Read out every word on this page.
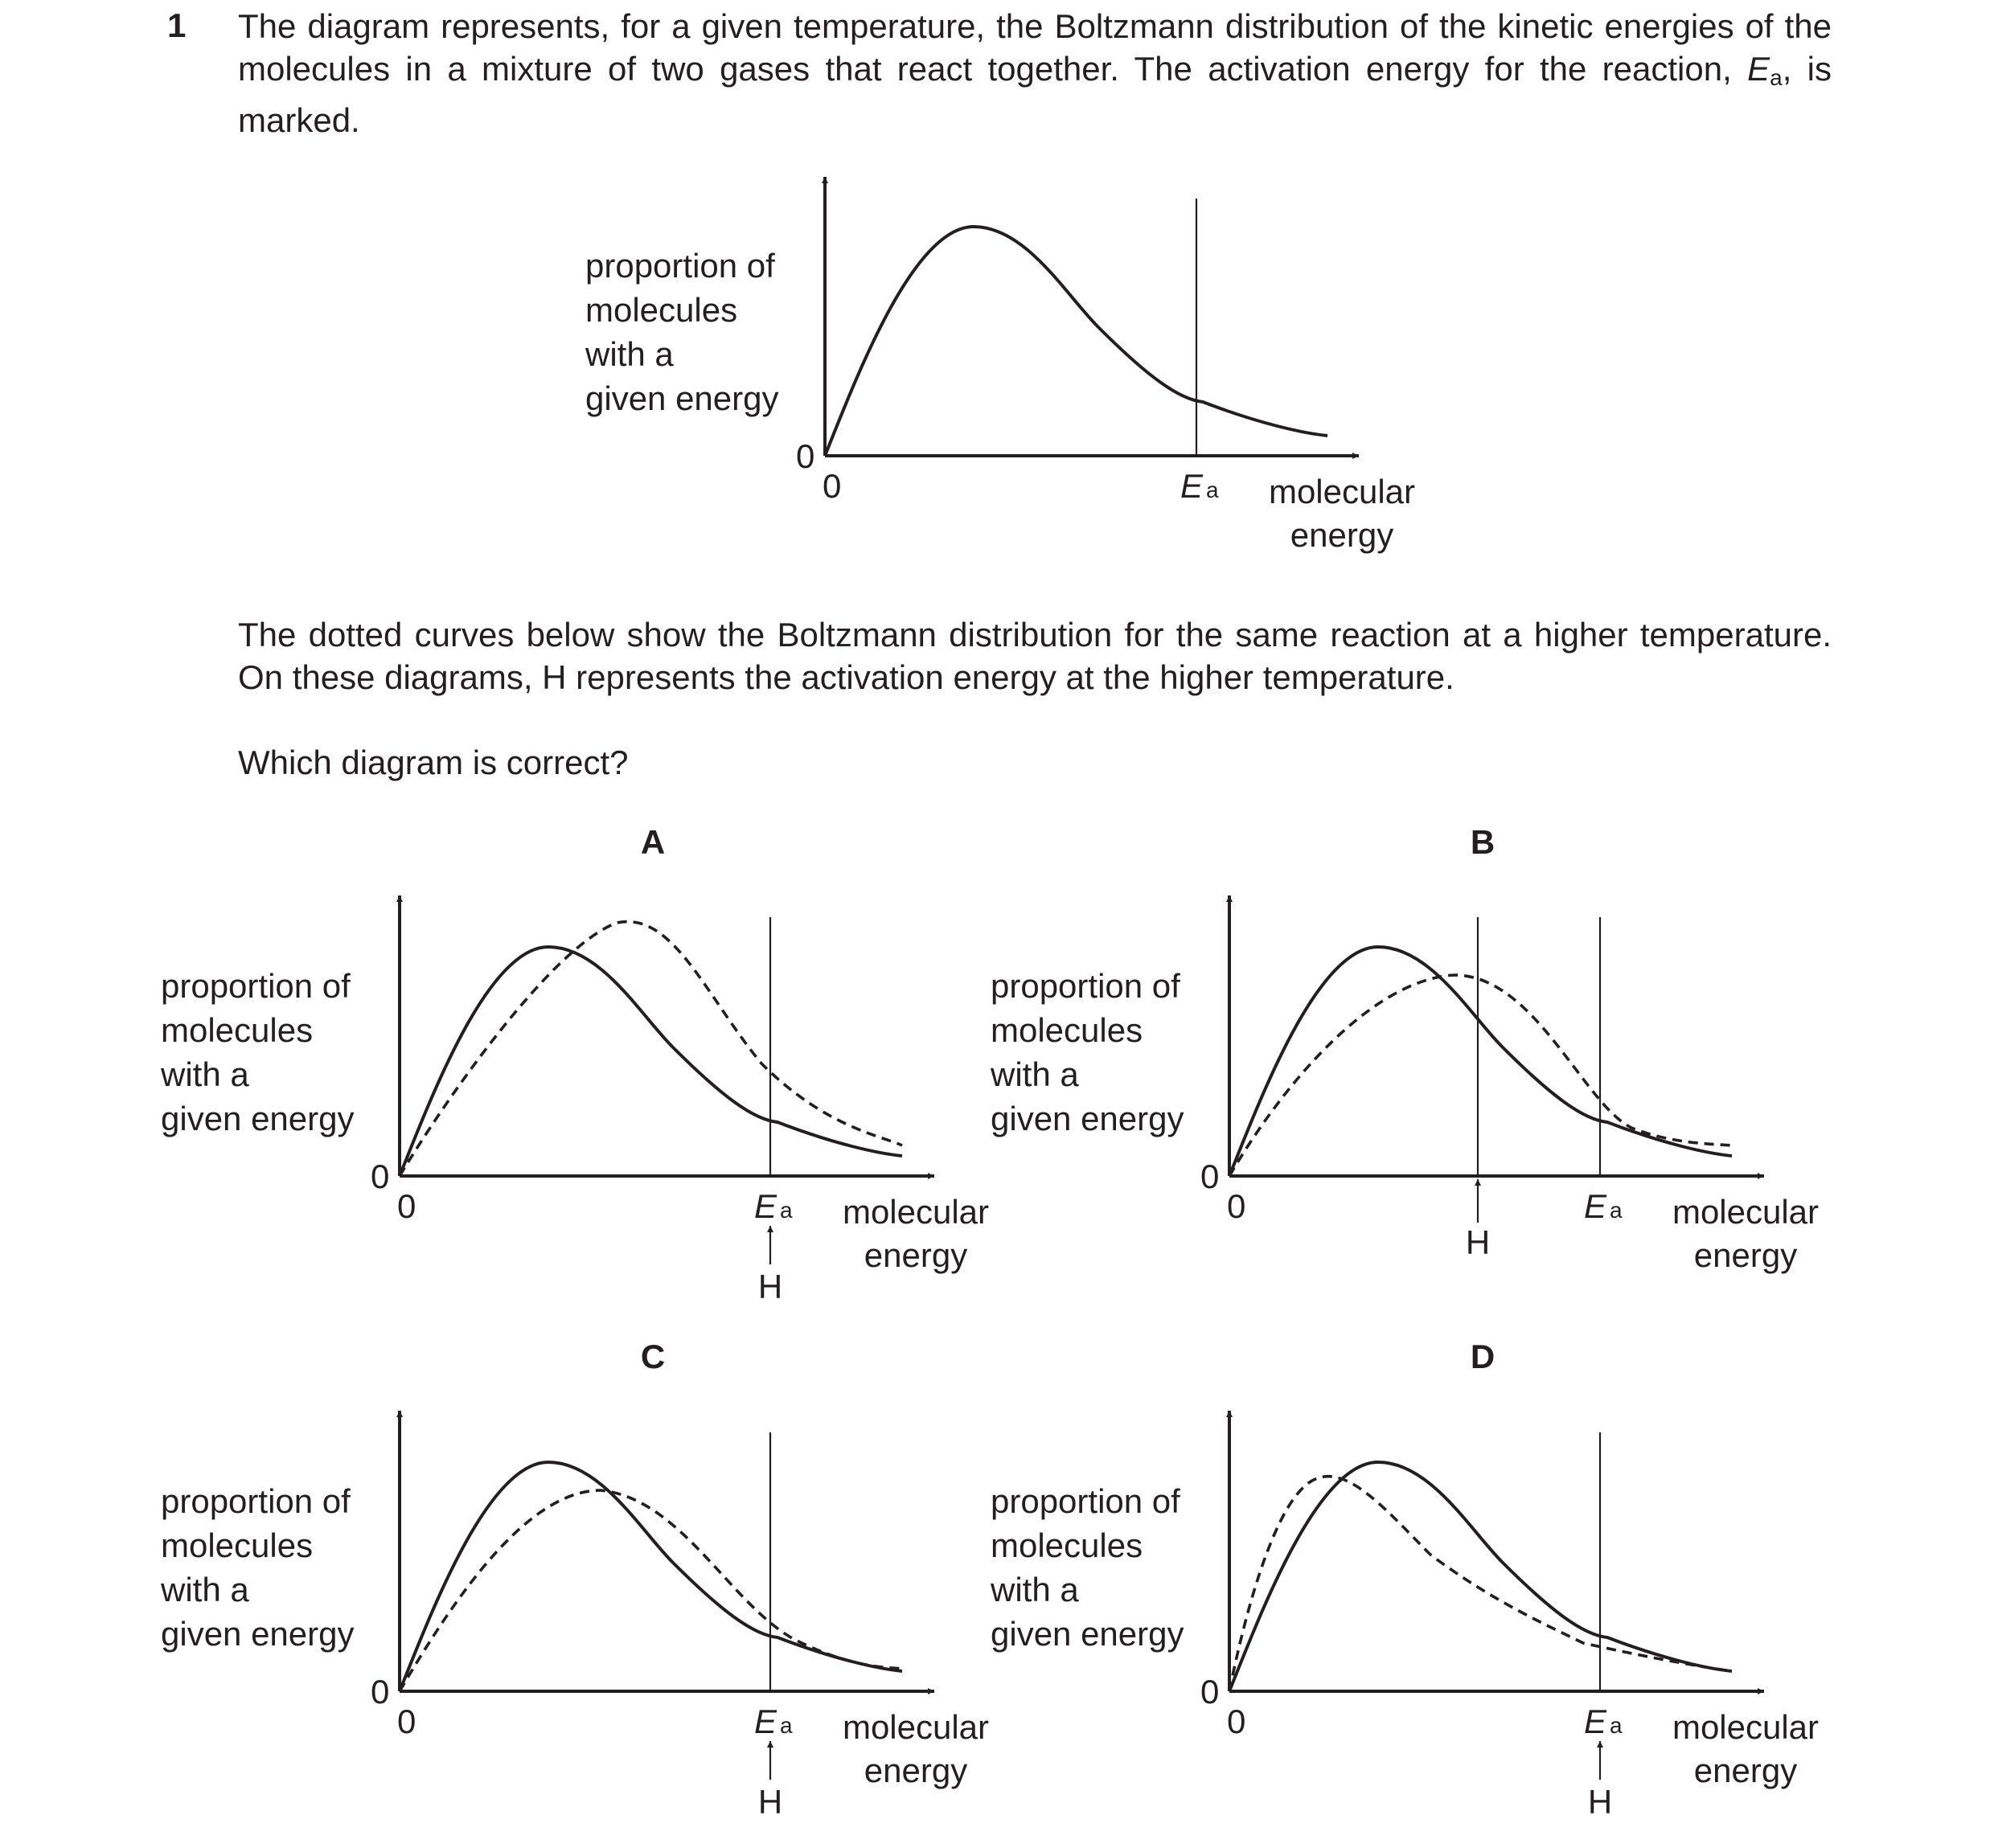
1 The diagram represents, for a given temperature, the Boltzmann distribution of the kinetic energies of the molecules in a mixture of two gases that react together. The activation energy for the reaction, $E_a$, is marked.

The dotted curves below show the Boltzmann distribution for the same reaction at a higher temperature. On these diagrams, H represents the activation energy at the higher temperature.

Which diagram is correct?

proportion of
molecules
with a
given energy
0
0	Ea molecular
energy
A
proportion of
molecules
with a
given energy
0
0	Ea molecular
energy
H
B
proportion of
molecules
with a
given energy
0
0	Ea molecular
energy
H
C
proportion of
molecules
with a
given energy
0
0	Ea molecular
energy
H
D
proportion of
molecules
with a
given energy
0
0	Ea molecular
energy
H
